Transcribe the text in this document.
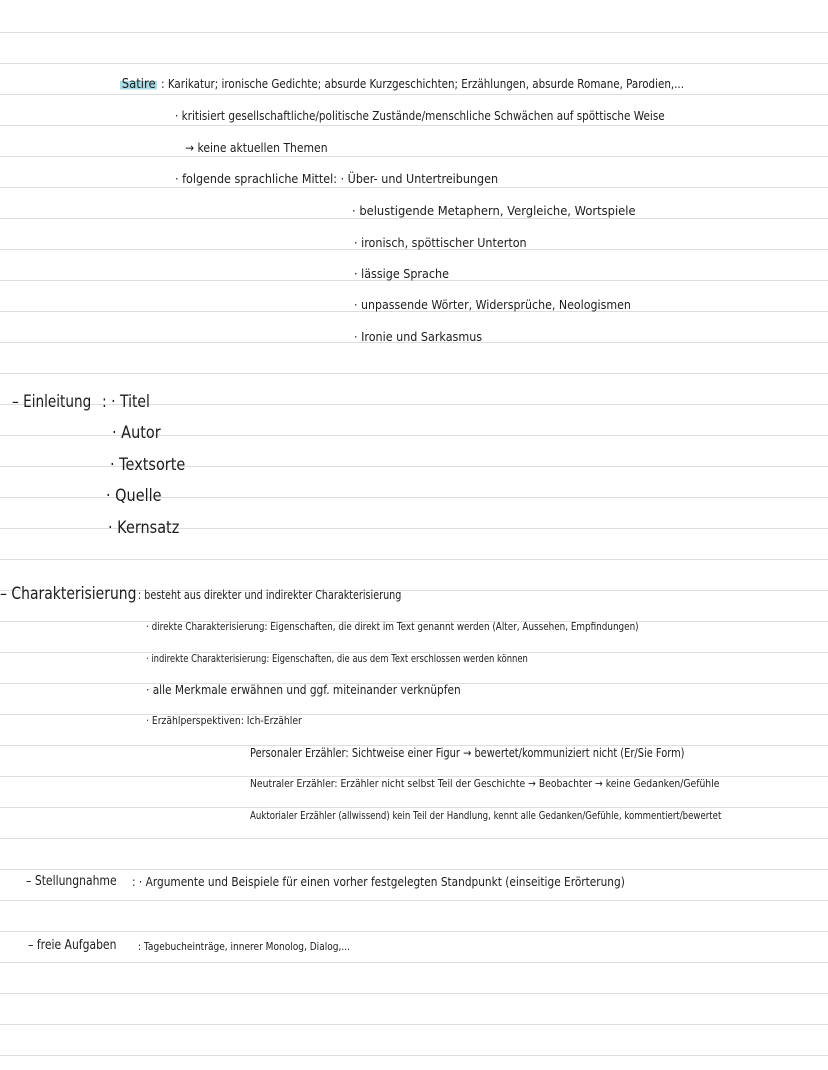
Satire : Karikatur; ironische Gedichte; absurde Kurzgeschichten; Erzählungen, absurde Romane, Parodien,...
· kritisiert gesellschaftliche/politische Zustände/menschliche Schwächen auf spöttische Weise
→ keine aktuellen Themen
· folgende sprachliche Mittel: · Über- und Untertreibungen
· belustigende Metaphern, Vergleiche, Wortspiele
· ironisch, spöttischer Unterton
· lässige Sprache
· unpassende Wörter, Widersprüche, Neologismen
· Ironie und Sarkasmus
– Einleitung : · Titel
· Autor
· Textsorte
· Quelle
· Kernsatz
– Charakterisierung : besteht aus direkter und indirekter Charakterisierung
· direkte Charakterisierung: Eigenschaften, die direkt im Text genannt werden (Alter, Aussehen, Empfindungen)
· indirekte Charakterisierung: Eigenschaften, die aus dem Text erschlossen werden können
· alle Merkmale erwähnen und ggf. miteinander verknüpfen
· Erzählperspektiven: Ich-Erzähler
Personaler Erzähler: Sichtweise einer Figur → bewertet/kommuniziert nicht (Er/Sie Form)
Neutraler Erzähler: Erzähler nicht selbst Teil der Geschichte → Beobachter → keine Gedanken/Gefühle
Auktorialer Erzähler (allwissend) kein Teil der Handlung, kennt alle Gedanken/Gefühle, kommentiert/bewertet
– Stellungnahme : · Argumente und Beispiele für einen vorher festgelegten Standpunkt (einseitige Erörterung)
– freie Aufgaben : Tagebucheinträge, innerer Monolog, Dialog,...
